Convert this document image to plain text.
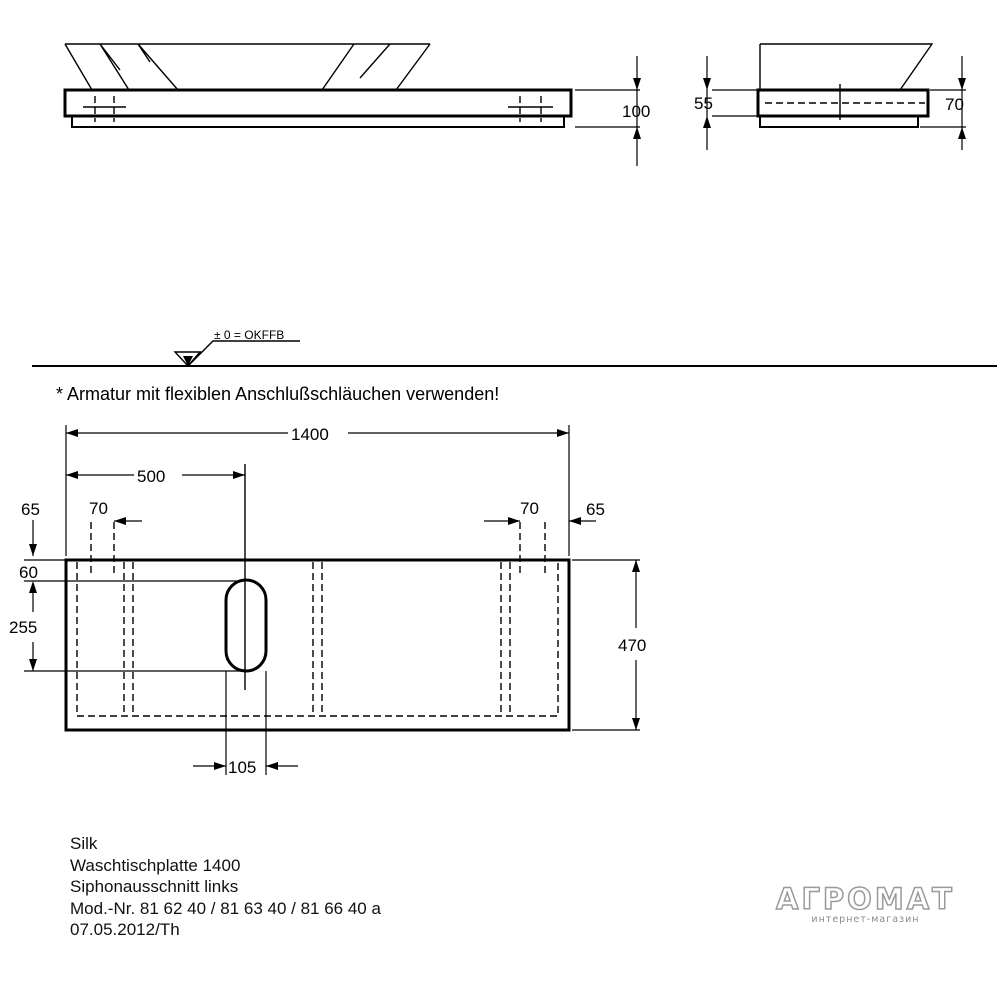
100	55	70
± 0 = OKFFB
* Armatur mit flexiblen Anschlußschläuchen verwenden!
1400
500
65	70	70	65
60
255
470
105
Silk
Waschtischplatte 1400
Siphonausschnitt links
Mod.-Nr. 81 62 40 / 81 63 40 / 81 66 40 a
07.05.2012/Th
АГРОМАТ
интернет-магазин
